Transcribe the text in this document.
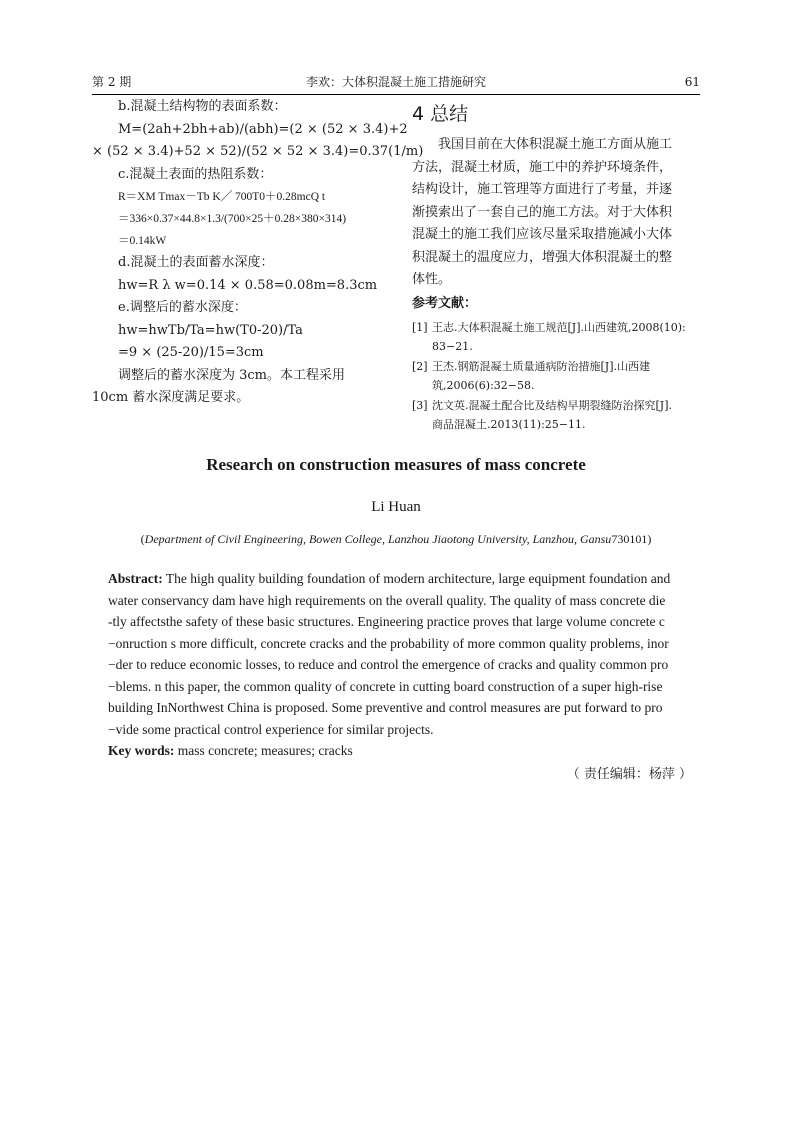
第 2 期	李欢：大体积混凝土施工措施研究	61
b.混凝土结构物的表面系数：
M=(2ah+2bh+ab)/(abh)=(2 × (52 × 3.4)+2
× (52 × 3.4)+52 × 52)/(52 × 52 × 3.4)=0.37(1/m)
c.混凝土表面的热阻系数：
R＝XM Tmax－Tb K╱ 700T0＋0.28mcQ t
＝336×0.37×44.8×1.3/(700×25＋0.28×380×314)
＝0.14kW
d.混凝土的表面蓄水深度：
hw=R λ w=0.14 × 0.58=0.08m=8.3cm
e.调整后的蓄水深度：
hw=hwTb/Ta=hw(T0-20)/Ta
=9 × (25-20)/15=3cm
调整后的蓄水深度为 3cm。本工程采用
10cm 蓄水深度满足要求。
4 总结
我国目前在大体积混凝土施工方面从施工
方法，混凝土材质，施工中的养护环境条件，
结构设计，施工管理等方面进行了考量，并逐
渐摸索出了一套自己的施工方法。对于大体积
混凝土的施工我们应该尽量采取措施减小大体
积混凝土的温度应力，增强大体积混凝土的整
体性。
参考文献：
[1] 王志.大体积混凝土施工规范[J].山西建筑,2008(10):
83−21.
[2] 王杰.钢筋混凝土质量通病防治措施[J].山西建
筑,2006(6):32−58.
[3] 沈文英.混凝土配合比及结构早期裂缝防治探究[J].
商品混凝土.2013(11):25−11.
Research on construction measures of mass concrete
Li Huan
(Department of Civil Engineering, Bowen College, Lanzhou Jiaotong University, Lanzhou, Gansu730101)
Abstract: The high quality building foundation of modern architecture, large equipment foundation and
water conservancy dam have high requirements on the overall quality. The quality of mass concrete die
-tly affectsthe safety of these basic structures. Engineering practice proves that large volume concrete c
−onruction s more difficult, concrete cracks and the probability of more common quality problems, inor
−der to reduce economic losses, to reduce and control the emergence of cracks and quality common pro
−blems. n this paper, the common quality of concrete in cutting board construction of a super high-rise
building InNorthwest China is proposed. Some preventive and control measures are put forward to pro
−vide some practical control experience for similar projects.
Key words: mass concrete; measures; cracks
（ 责任编辑：杨萍 ）
